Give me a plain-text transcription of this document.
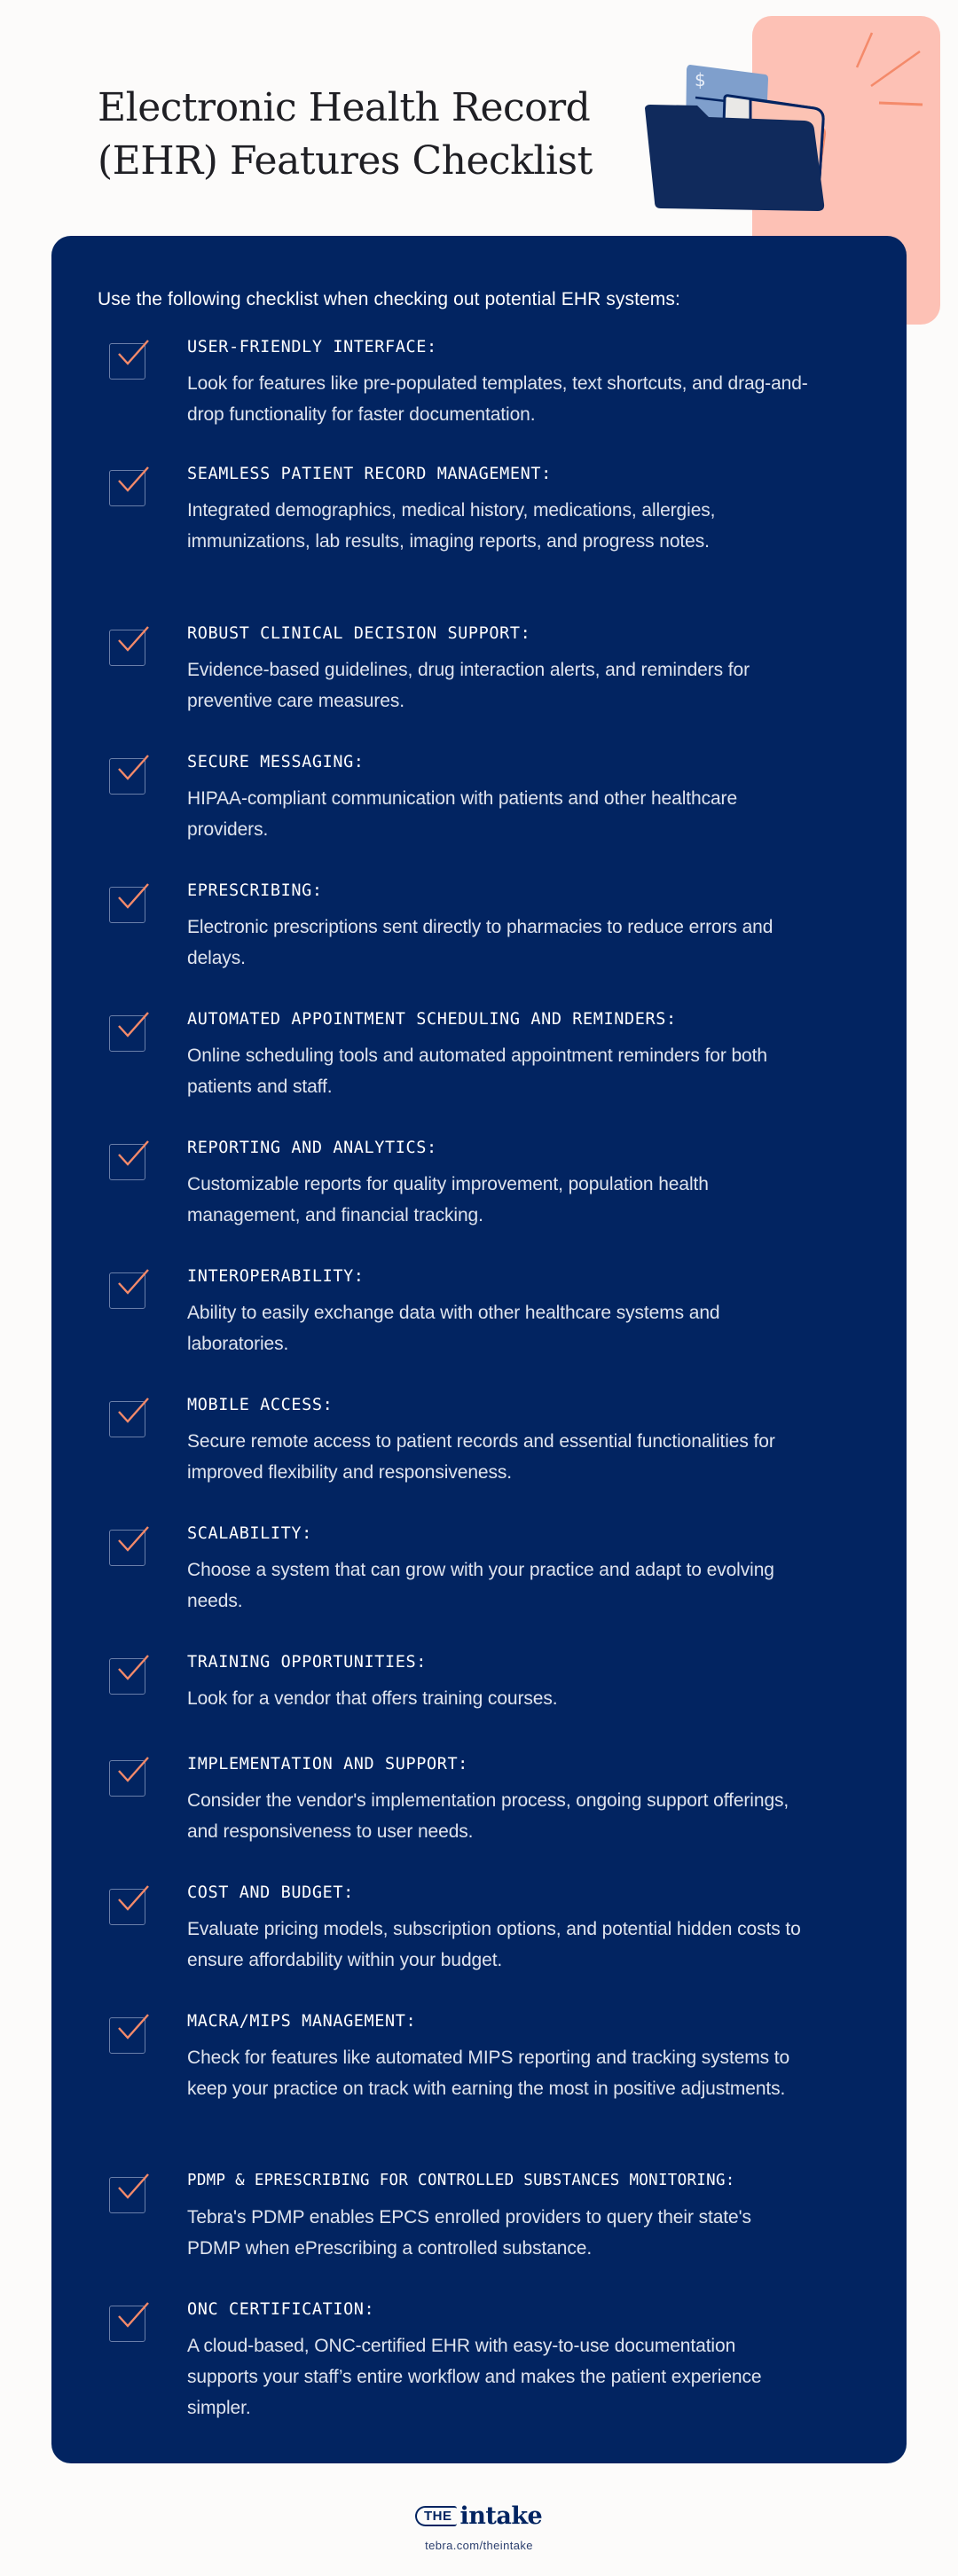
Electronic Health Record
(EHR) Features Checklist
$
Use the following checklist when checking out potential EHR systems:
USER-FRIENDLY INTERFACE:
Look for features like pre-populated templates, text shortcuts, and drag-and-drop functionality for faster documentation.
SEAMLESS PATIENT RECORD MANAGEMENT:
Integrated demographics, medical history, medications, allergies, immunizations, lab results, imaging reports, and progress notes.
ROBUST CLINICAL DECISION SUPPORT:
Evidence-based guidelines, drug interaction alerts, and reminders for preventive care measures.
SECURE MESSAGING:
HIPAA-compliant communication with patients and other healthcare providers.
EPRESCRIBING:
Electronic prescriptions sent directly to pharmacies to reduce errors and delays.
AUTOMATED APPOINTMENT SCHEDULING AND REMINDERS:
Online scheduling tools and automated appointment reminders for both patients and staff.
REPORTING AND ANALYTICS:
Customizable reports for quality improvement, population health management, and financial tracking.
INTEROPERABILITY:
Ability to easily exchange data with other healthcare systems and laboratories.
MOBILE ACCESS:
Secure remote access to patient records and essential functionalities for improved flexibility and responsiveness.
SCALABILITY:
Choose a system that can grow with your practice and adapt to evolving needs.
TRAINING OPPORTUNITIES:
Look for a vendor that offers training courses.
IMPLEMENTATION AND SUPPORT:
Consider the vendor's implementation process, ongoing support offerings, and responsiveness to user needs.
COST AND BUDGET:
Evaluate pricing models, subscription options, and potential hidden costs to ensure affordability within your budget.
MACRA/MIPS MANAGEMENT:
Check for features like automated MIPS reporting and tracking systems to keep your practice on track with earning the most in positive adjustments.
PDMP & EPRESCRIBING FOR CONTROLLED SUBSTANCES MONITORING:
Tebra's PDMP enables EPCS enrolled providers to query their state's PDMP when ePrescribing a controlled substance.
ONC CERTIFICATION:
A cloud-based, ONC-certified EHR with easy-to-use documentation supports your staff’s entire workflow and makes the patient experience simpler.
THE intake
tebra.com/theintake
